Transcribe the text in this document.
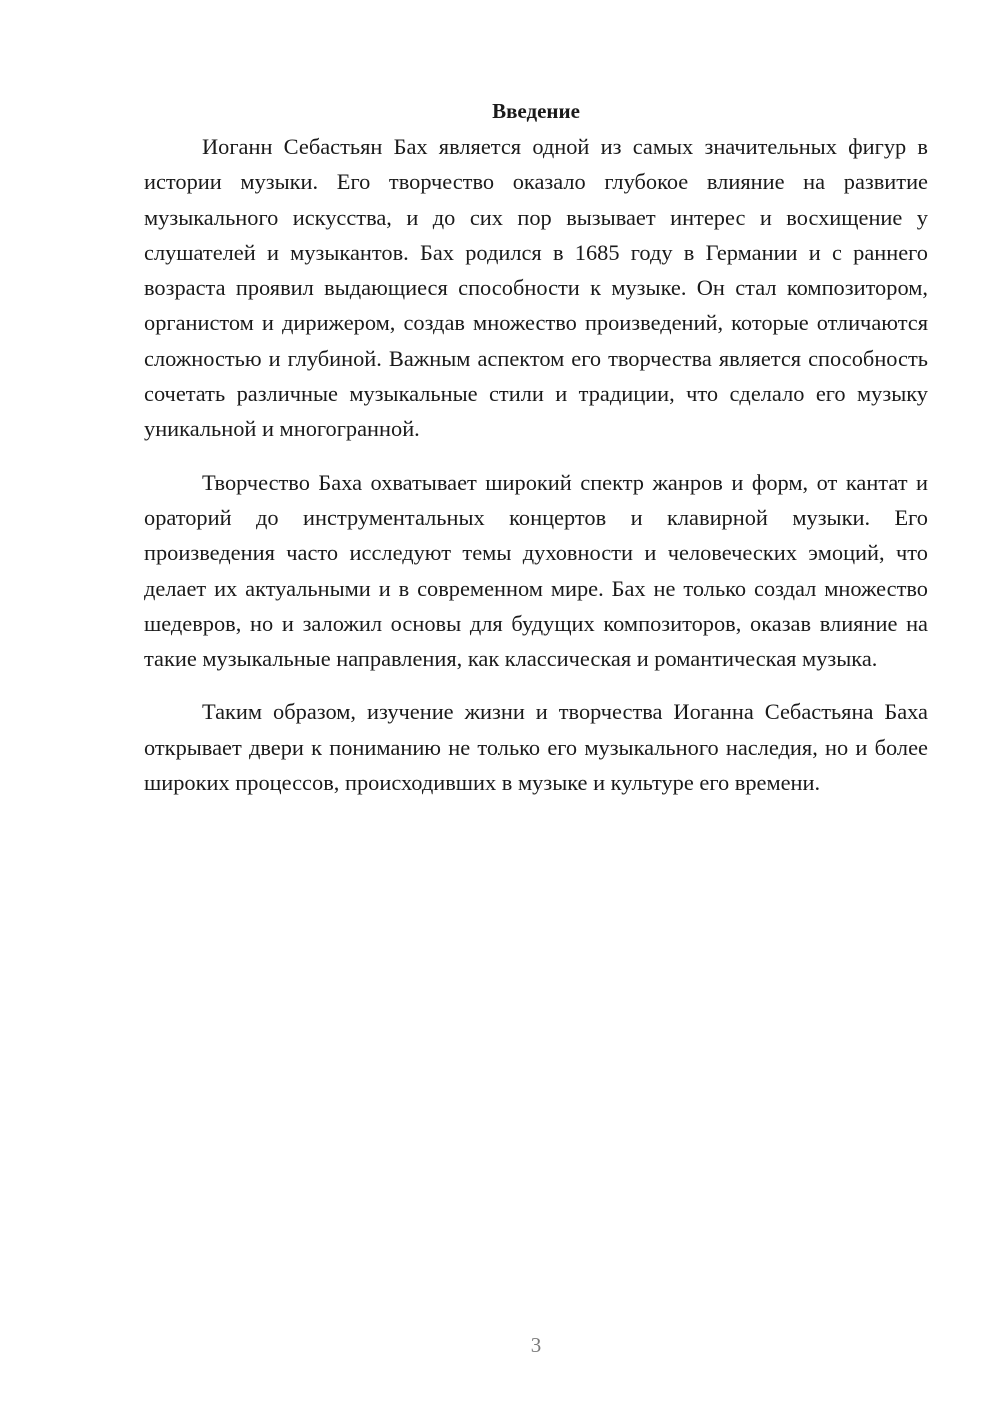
Введение

Иоганн Себастьян Бах является одной из самых значительных фигур в истории музыки. Его творчество оказало глубокое влияние на развитие музыкального искусства, и до сих пор вызывает интерес и восхищение у слушателей и музыкантов. Бах родился в 1685 году в Германии и с раннего возраста проявил выдающиеся способности к музыке. Он стал композитором, органистом и дирижером, создав множество произведений, которые отличаются сложностью и глубиной. Важным аспектом его творчества является способность сочетать различные музыкальные стили и традиции, что сделало его музыку уникальной и многогранной.

Творчество Баха охватывает широкий спектр жанров и форм, от кантат и ораторий до инструментальных концертов и клавирной музыки. Его произведения часто исследуют темы духовности и человеческих эмоций, что делает их актуальными и в современном мире. Бах не только создал множество шедевров, но и заложил основы для будущих композиторов, оказав влияние на такие музыкальные направления, как классическая и романтическая музыка.

Таким образом, изучение жизни и творчества Иоганна Себастьяна Баха открывает двери к пониманию не только его музыкального наследия, но и более широких процессов, происходивших в музыке и культуре его времени.

3
